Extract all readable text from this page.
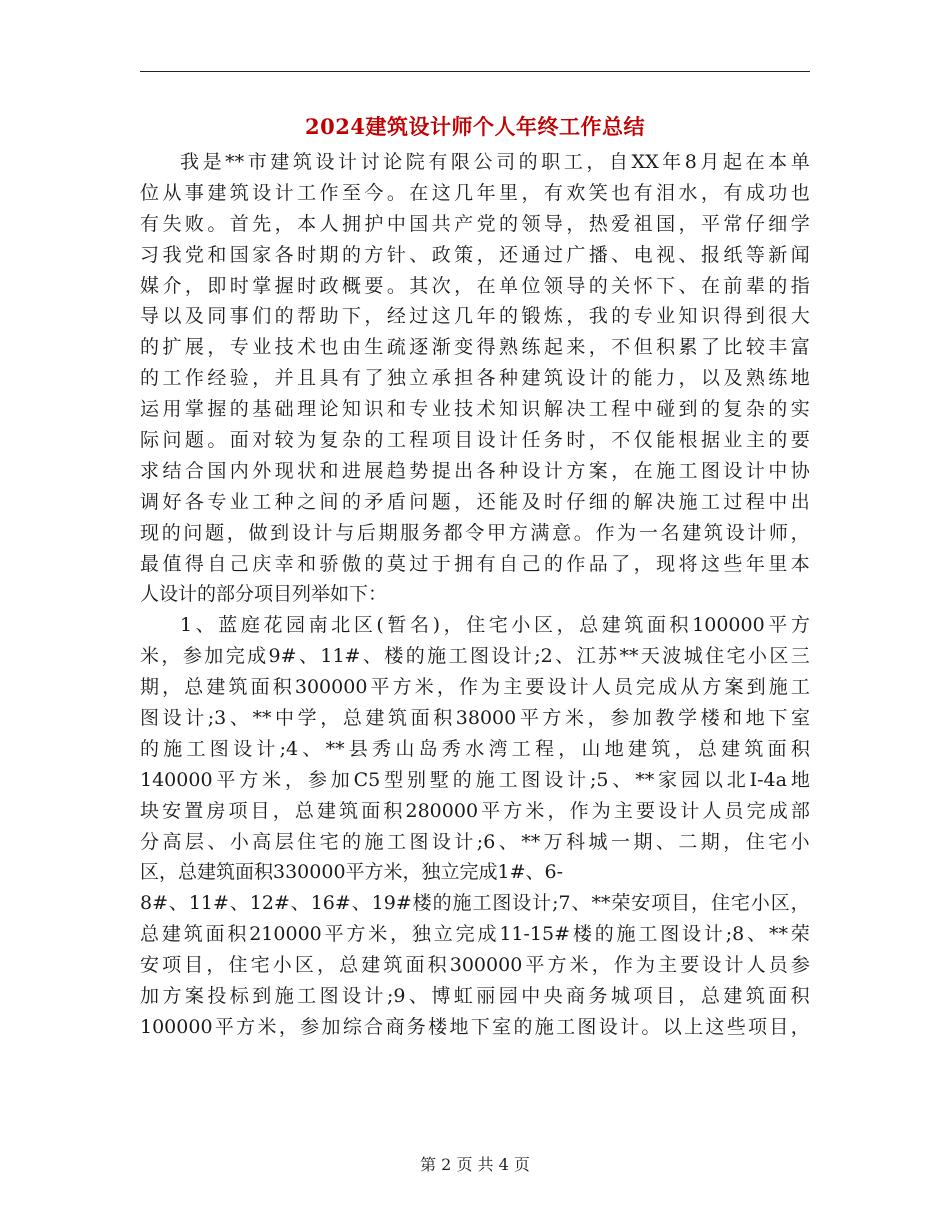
2024建筑设计师个人年终工作总结
我 是 ** 市 建 筑 设 计 讨 论 院 有 限 公 司 的 职 工 ， 自 XX 年 8 月 起 在 本 单
位 从 事 建 筑 设 计 工 作 至 今 。 在 这 几 年 里 ， 有 欢 笑 也 有 泪 水 ， 有 成 功 也
有 失 败 。 首 先 ， 本 人 拥 护 中 国 共 产 党 的 领 导 ， 热 爱 祖 国 ， 平 常 仔 细 学
习 我 党 和 国 家 各 时 期 的 方 针 、 政 策 ， 还 通 过 广 播 、 电 视 、 报 纸 等 新 闻
媒 介 ， 即 时 掌 握 时 政 概 要 。 其 次 ， 在 单 位 领 导 的 关 怀 下 、 在 前 辈 的 指
导 以 及 同 事 们 的 帮 助 下 ， 经 过 这 几 年 的 锻 炼 ， 我 的 专 业 知 识 得 到 很 大
的 扩 展 ， 专 业 技 术 也 由 生 疏 逐 渐 变 得 熟 练 起 来 ， 不 但 积 累 了 比 较 丰 富
的 工 作 经 验 ， 并 且 具 有 了 独 立 承 担 各 种 建 筑 设 计 的 能 力 ， 以 及 熟 练 地
运 用 掌 握 的 基 础 理 论 知 识 和 专 业 技 术 知 识 解 决 工 程 中 碰 到 的 复 杂 的 实
际 问 题 。 面 对 较 为 复 杂 的 工 程 项 目 设 计 任 务 时 ， 不 仅 能 根 据 业 主 的 要
求 结 合 国 内 外 现 状 和 进 展 趋 势 提 出 各 种 设 计 方 案 ， 在 施 工 图 设 计 中 协
调 好 各 专 业 工 种 之 间 的 矛 盾 问 题 ， 还 能 及 时 仔 细 的 解 决 施 工 过 程 中 出
现 的 问 题 ， 做 到 设 计 与 后 期 服 务 都 令 甲 方 满 意 。 作 为 一 名 建 筑 设 计 师 ，
最 值 得 自 己 庆 幸 和 骄 傲 的 莫 过 于 拥 有 自 己 的 作 品 了 ， 现 将 这 些 年 里 本
人设计的部分项目列举如下：
1 、 蓝 庭 花 园 南 北 区 ( 暂 名 ) ， 住 宅 小 区 ， 总 建 筑 面 积 100000 平 方
米 ， 参 加 完 成 9# 、 11# 、 楼 的 施 工 图 设 计 ;2 、 江 苏 ** 天 波 城 住 宅 小 区 三
期 ， 总 建 筑 面 积 300000 平 方 米 ， 作 为 主 要 设 计 人 员 完 成 从 方 案 到 施 工
图 设 计 ;3 、 ** 中 学 ， 总 建 筑 面 积 38000 平 方 米 ， 参 加 教 学 楼 和 地 下 室
的 施 工 图 设 计 ;4 、 ** 县 秀 山 岛 秀 水 湾 工 程 ， 山 地 建 筑 ， 总 建 筑 面 积
140000 平 方 米 ， 参 加 C5 型 别 墅 的 施 工 图 设 计 ;5 、 ** 家 园 以 北 I-4a 地
块 安 置 房 项 目 ， 总 建 筑 面 积 280000 平 方 米 ， 作 为 主 要 设 计 人 员 完 成 部
分 高 层 、 小 高 层 住 宅 的 施 工 图 设 计 ;6 、 ** 万 科 城 一 期 、 二 期 ， 住 宅 小
区，总建筑面积330000平方米，独立完成1#、6-
8# 、 11# 、 12# 、 16# 、 19# 楼 的 施 工 图 设 计 ;7 、 ** 荣 安 项 目 ， 住 宅 小 区 ，
总 建 筑 面 积 210000 平 方 米 ， 独 立 完 成 11-15# 楼 的 施 工 图 设 计 ;8 、 ** 荣
安 项 目 ， 住 宅 小 区 ， 总 建 筑 面 积 300000 平 方 米 ， 作 为 主 要 设 计 人 员 参
加 方 案 投 标 到 施 工 图 设 计 ;9 、 博 虹 丽 园 中 央 商 务 城 项 目 ， 总 建 筑 面 积
100000 平 方 米 ， 参 加 综 合 商 务 楼 地 下 室 的 施 工 图 设 计 。 以 上 这 些 项 目 ，
第 2 页 共 4 页
